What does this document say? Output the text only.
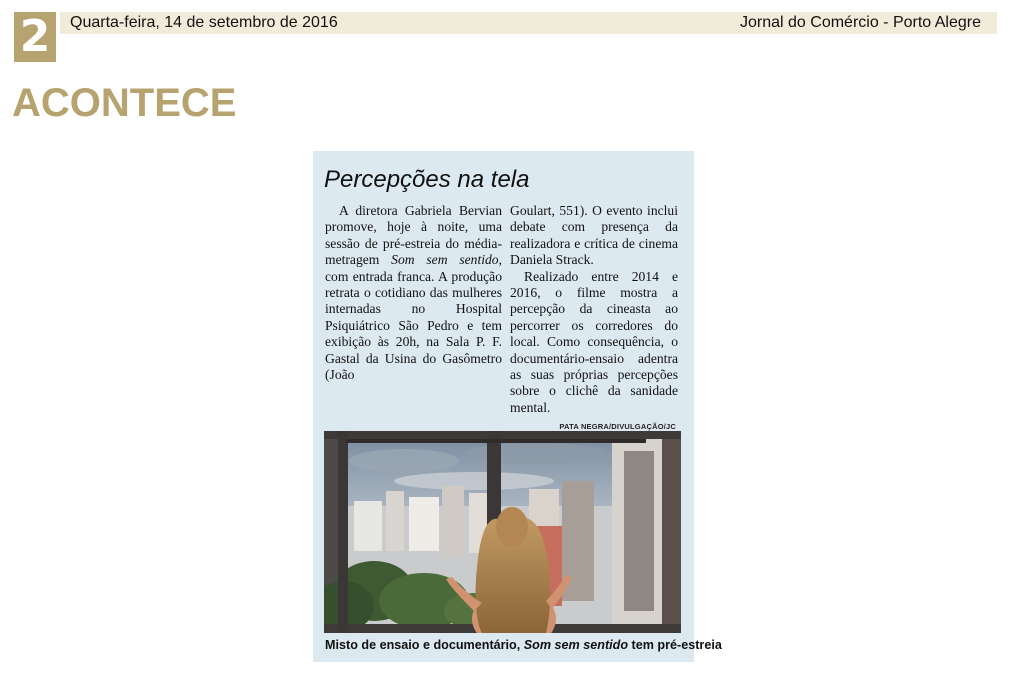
2	Quarta-feira, 14 de setembro de 2016	Jornal do Comércio - Porto Alegre
ACONTECE
Percepções na tela

A diretora Gabriela Bervian promove, hoje à noite, uma sessão de pré-estreia do média-metragem Som sem sentido, com entrada franca. A produção retrata o cotidiano das mulheres internadas no Hospital Psiquiátrico São Pedro e tem exibição às 20h, na Sala P. F. Gastal da Usina do Gasômetro (João

Goulart, 551). O evento inclui debate com presença da realizadora e crítica de cinema Daniela Strack.

Realizado entre 2014 e 2016, o filme mostra a percepção da cineasta ao percorrer os corredores do local. Como consequência, o documentário-ensaio adentra as suas próprias percepções sobre o clichê da sanidade mental.

PATA NEGRA/DIVULGAÇÃO/JC
Misto de ensaio e documentário, Som sem sentido tem pré-estreia
